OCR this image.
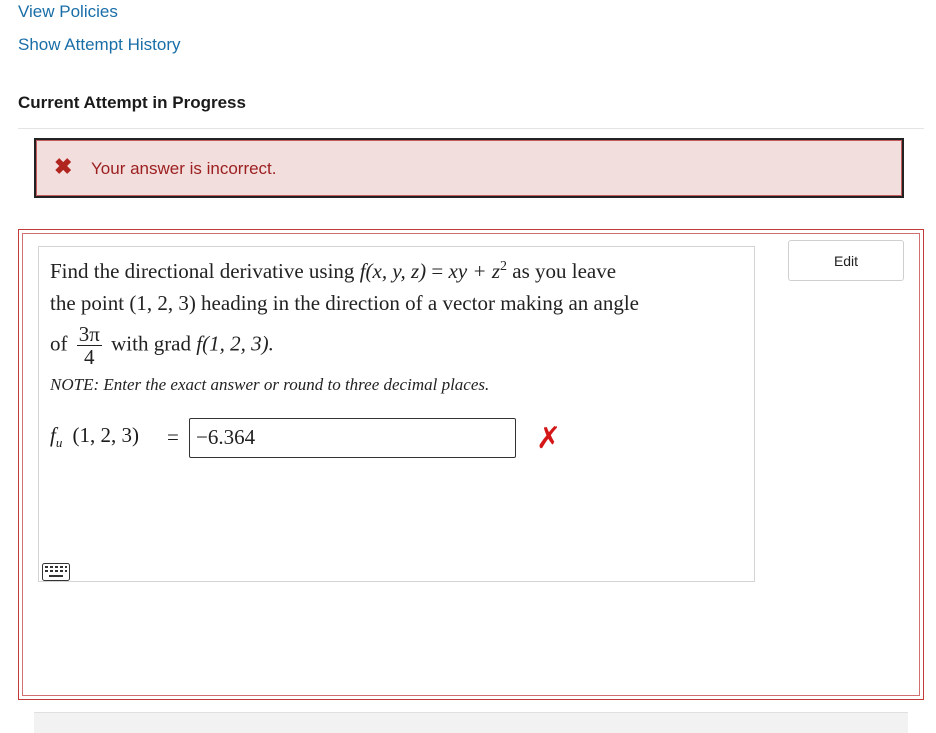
View Policies
Show Attempt History
Current Attempt in Progress
✖ Your answer is incorrect.
Edit
Find the directional derivative using f(x, y, z) = xy + $z^2$ as you leave
the point (1, 2, 3) heading in the direction of a vector making an angle
of $\frac{3\pi}{4}$ with grad f(1, 2, 3).
NOTE: Enter the exact answer or round to three decimal places.
$f_{u⃗}(1$, 2, 3) = −6.364	✗
